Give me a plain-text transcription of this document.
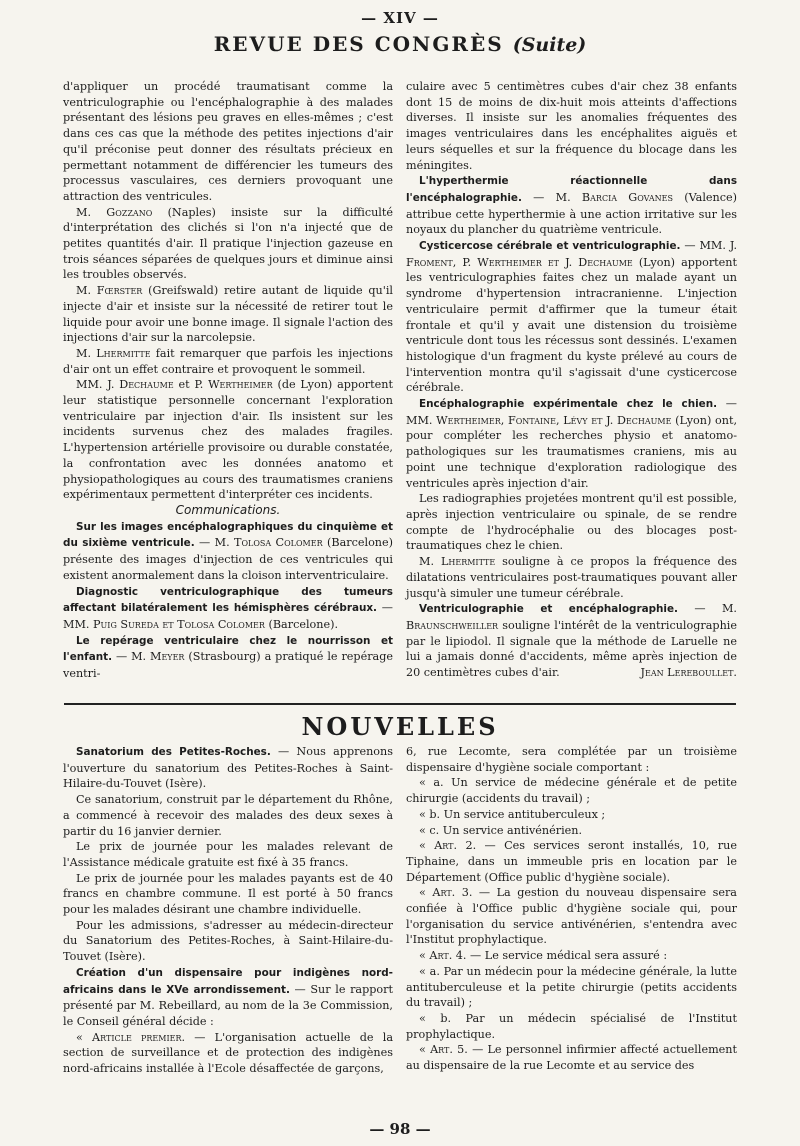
— XIV —
REVUE DES CONGRÈS (Suite)

d'appliquer un procédé traumatisant comme la ventriculographie ou l'encéphalographie à des malades présentant des lésions peu graves en elles-mêmes ; c'est dans ces cas que la méthode des petites injections d'air qu'il préconise peut donner des résultats précieux en permettant notamment de différencier les tumeurs des processus vasculaires, ces derniers provoquant une attraction des ventricules.

M. Gozzano (Naples) insiste sur la difficulté d'interprétation des clichés si l'on n'a injecté que de petites quantités d'air. Il pratique l'injection gazeuse en trois séances séparées de quelques jours et diminue ainsi les troubles observés.

M. Fœrster (Greifswald) retire autant de liquide qu'il injecte d'air et insiste sur la nécessité de retirer tout le liquide pour avoir une bonne image. Il signale l'action des injections d'air sur la narcolepsie.

M. Lhermitte fait remarquer que parfois les injections d'air ont un effet contraire et provoquent le sommeil.

MM. J. Dechaume et P. Wertheimer (de Lyon) apportent leur statistique personnelle concernant l'exploration ventriculaire par injection d'air. Ils insistent sur les incidents survenus chez des malades fragiles. L'hypertension artérielle provisoire ou durable constatée, la confrontation avec les données anatomo et physiopathologiques au cours des traumatismes craniens expérimentaux permettent d'interpréter ces incidents.

Communications.

Sur les images encéphalographiques du cinquième et du sixième ventricule. — M. Tolosa Colomer (Barcelone) présente des images d'injection de ces ventricules qui existent anormalement dans la cloison interventriculaire.

Diagnostic ventriculographique des tumeurs affectant bilatéralement les hémisphères cérébraux. — MM. Puig Sureda et Tolosa Colomer (Barcelone).

Le repérage ventriculaire chez le nourrisson et l'enfant. — M. Meyer (Strasbourg) a pratiqué le repérage ventri-

culaire avec 5 centimètres cubes d'air chez 38 enfants dont 15 de moins de dix-huit mois atteints d'affections diverses. Il insiste sur les anomalies fréquentes des images ventriculaires dans les encéphalites aiguës et leurs séquelles et sur la fréquence du blocage dans les méningites.

L'hyperthermie réactionnelle dans l'encéphalographie. — M. Barcia Govanes (Valence) attribue cette hyperthermie à une action irritative sur les noyaux du plancher du quatrième ventricule.

Cysticercose cérébrale et ventriculographie. — MM. J. Froment, P. Wertheimer et J. Dechaume (Lyon) apportent les ventriculographies faites chez un malade ayant un syndrome d'hypertension intracranienne. L'injection ventriculaire permit d'affirmer que la tumeur était frontale et qu'il y avait une distension du troisième ventricule dont tous les récessus sont dessinés. L'examen histologique d'un fragment du kyste prélevé au cours de l'intervention montra qu'il s'agissait d'une cysticercose cérébrale.

Encéphalographie expérimentale chez le chien. — MM. Wertheimer, Fontaine, Lévy et J. Dechaume (Lyon) ont, pour compléter les recherches physio et anatomo-pathologiques sur les traumatismes craniens, mis au point une technique d'exploration radiologique des ventricules après injection d'air.

Les radiographies projetées montrent qu'il est possible, après injection ventriculaire ou spinale, de se rendre compte de l'hydrocéphalie ou des blocages post-traumatiques chez le chien.

M. Lhermitte souligne à ce propos la fréquence des dilatations ventriculaires post-traumatiques pouvant aller jusqu'à simuler une tumeur cérébrale.

Ventriculographie et encéphalographie. — M. Braunschweiller souligne l'intérêt de la ventriculographie par le lipiodol. Il signale que la méthode de Laruelle ne lui a jamais donné d'accidents, même après injection de 20 centimètres cubes d'air.	Jean Lereboullet.

NOUVELLES

Sanatorium des Petites-Roches. — Nous apprenons l'ouverture du sanatorium des Petites-Roches à Saint-Hilaire-du-Touvet (Isère).

Ce sanatorium, construit par le département du Rhône, a commencé à recevoir des malades des deux sexes à partir du 16 janvier dernier.

Le prix de journée pour les malades relevant de l'Assistance médicale gratuite est fixé à 35 francs.

Le prix de journée pour les malades payants est de 40 francs en chambre commune. Il est porté à 50 francs pour les malades désirant une chambre individuelle.

Pour les admissions, s'adresser au médecin-directeur du Sanatorium des Petites-Roches, à Saint-Hilaire-du-Touvet (Isère).

Création d'un dispensaire pour indigènes nord-africains dans le XVe arrondissement. — Sur le rapport présenté par M. Rebeillard, au nom de la 3e Commission, le Conseil général décide :

« Article premier. — L'organisation actuelle de la section de surveillance et de protection des indigènes nord-africains installée à l'Ecole désaffectée de garçons,

6, rue Lecomte, sera complétée par un troisième dispensaire d'hygiène sociale comportant :

« a. Un service de médecine générale et de petite chirurgie (accidents du travail) ;

« b. Un service antituberculeux ;

« c. Un service antivénérien.

« Art. 2. — Ces services seront installés, 10, rue Tiphaine, dans un immeuble pris en location par le Département (Office public d'hygiène sociale).

« Art. 3. — La gestion du nouveau dispensaire sera confiée à l'Office public d'hygiène sociale qui, pour l'organisation du service antivénérien, s'entendra avec l'Institut prophylactique.

« Art. 4. — Le service médical sera assuré :

« a. Par un médecin pour la médecine générale, la lutte antituberculeuse et la petite chirurgie (petits accidents du travail) ;

« b. Par un médecin spécialisé de l'Institut prophylactique.

« Art. 5. — Le personnel infirmier affecté actuellement au dispensaire de la rue Lecomte et au service des

— 98 —
